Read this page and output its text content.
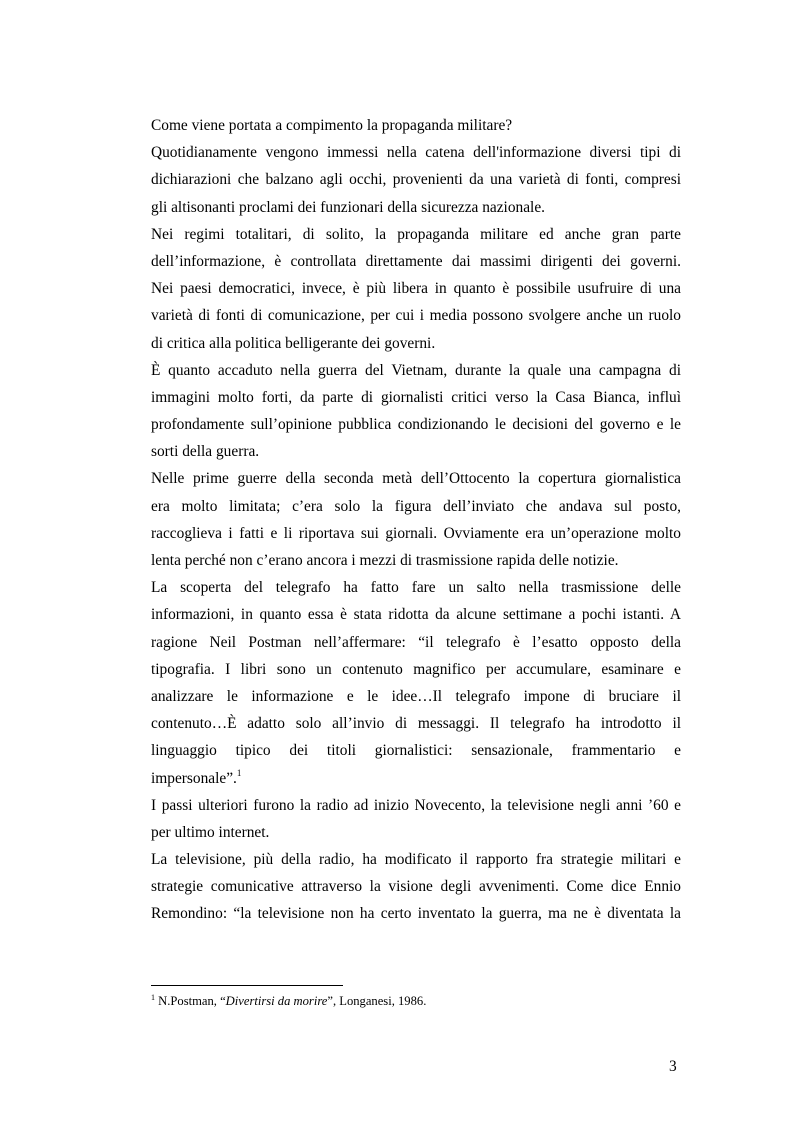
Come viene portata a compimento la propaganda militare?
Quotidianamente vengono immessi nella catena dell'informazione diversi tipi di
dichiarazioni che balzano agli occhi, provenienti da una varietà di fonti, compresi
gli altisonanti proclami dei funzionari della sicurezza nazionale.
Nei regimi totalitari, di solito, la propaganda militare ed anche gran parte
dell’informazione, è controllata direttamente dai massimi dirigenti dei governi.
Nei paesi democratici, invece, è più libera in quanto è possibile usufruire di una
varietà di fonti di comunicazione, per cui i media possono svolgere anche un ruolo
di critica alla politica belligerante dei governi.
È quanto accaduto nella guerra del Vietnam, durante la quale una campagna di
immagini molto forti, da parte di giornalisti critici verso la Casa Bianca, influì
profondamente sull’opinione pubblica condizionando le decisioni del governo e le
sorti della guerra.
Nelle prime guerre della seconda metà dell’Ottocento la copertura giornalistica
era molto limitata; c’era solo la figura dell’inviato che andava sul posto,
raccoglieva i fatti e li riportava sui giornali. Ovviamente era un’operazione molto
lenta perché non c’erano ancora i mezzi di trasmissione rapida delle notizie.
La scoperta del telegrafo ha fatto fare un salto nella trasmissione delle
informazioni, in quanto essa è stata ridotta da alcune settimane a pochi istanti. A
ragione Neil Postman nell’affermare: “il telegrafo è l’esatto opposto della
tipografia. I libri sono un contenuto magnifico per accumulare, esaminare e
analizzare le informazione e le idee…Il telegrafo impone di bruciare il
contenuto…È adatto solo all’invio di messaggi. Il telegrafo ha introdotto il
linguaggio tipico dei titoli giornalistici: sensazionale, frammentario e
impersonale”.$^1$
I passi ulteriori furono la radio ad inizio Novecento, la televisione negli anni ’60 e
per ultimo internet.
La televisione, più della radio, ha modificato il rapporto fra strategie militari e
strategie comunicative attraverso la visione degli avvenimenti. Come dice Ennio
Remondino: “la televisione non ha certo inventato la guerra, ma ne è diventata la
$^1$ N.Postman, “Divertirsi da morire”, Longanesi, 1986.
3
